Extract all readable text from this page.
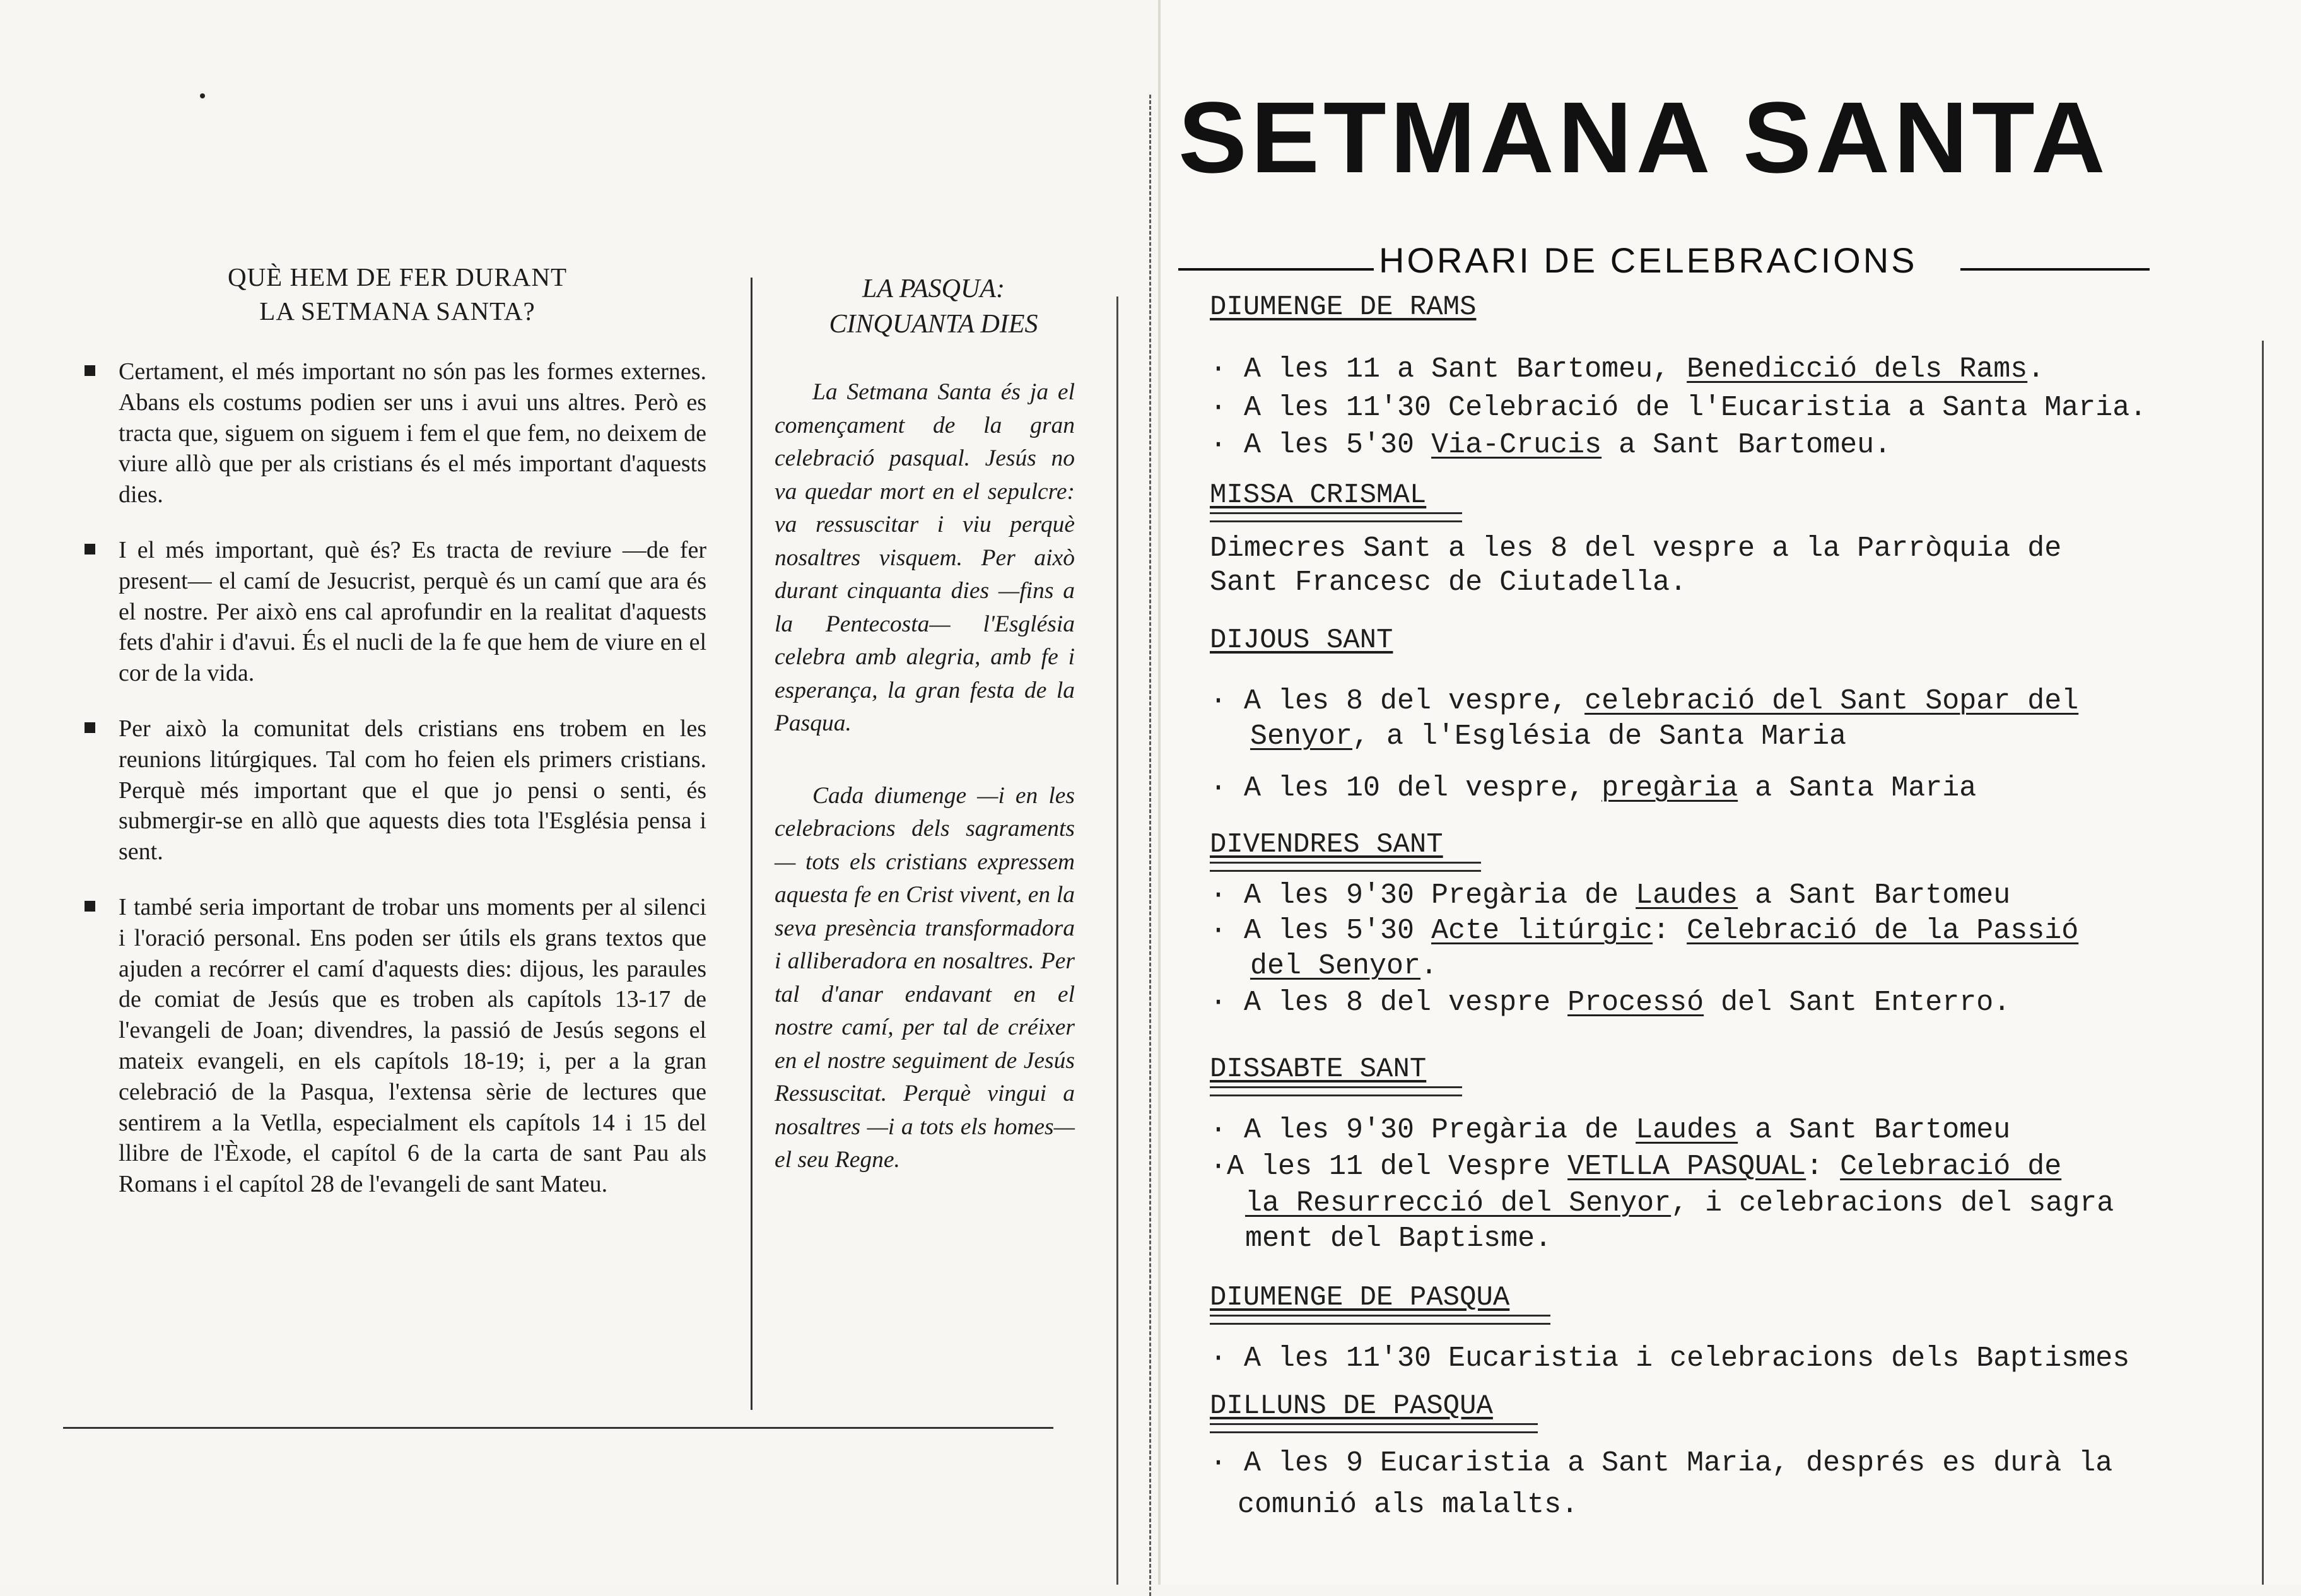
QUÈ HEM DE FER DURANT
LA SETMANA SANTA?

Certament, el més important no són pas les formes externes. Abans els costums podien ser uns i avui uns altres. Però es tracta que, siguem on siguem i fem el que fem, no deixem de viure allò que per als cristians és el més important d'aquests dies.

I el més important, què és? Es tracta de reviure —de fer present— el camí de Jesucrist, perquè és un camí que ara és el nostre. Per això ens cal aprofundir en la realitat d'aquests fets d'ahir i d'avui. És el nucli de la fe que hem de viure en el cor de la vida.

Per això la comunitat dels cristians ens trobem en les reunions litúrgiques. Tal com ho feien els primers cristians. Perquè més important que el que jo pensi o senti, és submergir-se en allò que aquests dies tota l'Església pensa i sent.

I també seria important de trobar uns moments per al silenci i l'oració personal. Ens poden ser útils els grans textos que ajuden a recórrer el camí d'aquests dies: dijous, les paraules de comiat de Jesús que es troben als capítols 13-17 de l'evangeli de Joan; divendres, la passió de Jesús segons el mateix evangeli, en els capítols 18-19; i, per a la gran celebració de la Pasqua, l'extensa sèrie de lectures que sentirem a la Vetlla, especialment els capítols 14 i 15 del llibre de l'Èxode, el capítol 6 de la carta de sant Pau als Romans i el capítol 28 de l'evangeli de sant Mateu.

LA PASQUA:
CINQUANTA DIES

La Setmana Santa és ja el començament de la gran celebració pasqual. Jesús no va quedar mort en el sepulcre: va ressuscitar i viu perquè nosaltres visquem. Per això durant cinquanta dies —fins a la Pentecosta— l'Església celebra amb alegria, amb fe i esperança, la gran festa de la Pasqua.

Cada diumenge —i en les celebracions dels sagraments— tots els cristians expressem aquesta fe en Crist vivent, en la seva presència transformadora i alliberadora en nosaltres. Per tal d'anar endavant en el nostre camí, per tal de créixer en el nostre seguiment de Jesús Ressuscitat. Perquè vingui a nosaltres —i a tots els homes— el seu Regne.

SETMANA SANTA
HORARI DE CELEBRACIONS
DIUMENGE DE RAMS
· A les 11 a Sant Bartomeu, Benedicció dels Rams.
· A les 11'30 Celebració de l'Eucaristia a Santa Maria.
· A les 5'30 Via-Crucis a Sant Bartomeu.
MISSA CRISMAL
Dimecres Sant a les 8 del vespre a la Parròquia de
Sant Francesc de Ciutadella.
DIJOUS SANT
· A les 8 del vespre, celebració del Sant Sopar del
Senyor, a l'Església de Santa Maria
· A les 10 del vespre, pregària a Santa Maria
DIVENDRES SANT
· A les 9'30 Pregària de Laudes a Sant Bartomeu
· A les 5'30 Acte litúrgic: Celebració de la Passió
del Senyor.
· A les 8 del vespre Processó del Sant Enterro.
DISSABTE SANT
· A les 9'30 Pregària de Laudes a Sant Bartomeu
·A les 11 del Vespre VETLLA PASQUAL: Celebració de
la Resurrecció del Senyor, i celebracions del sagra
ment del Baptisme.
DIUMENGE DE PASQUA
· A les 11'30 Eucaristia i celebracions dels Baptismes
DILLUNS DE PASQUA
· A les 9 Eucaristia a Sant Maria, després es durà la
comunió als malalts.
